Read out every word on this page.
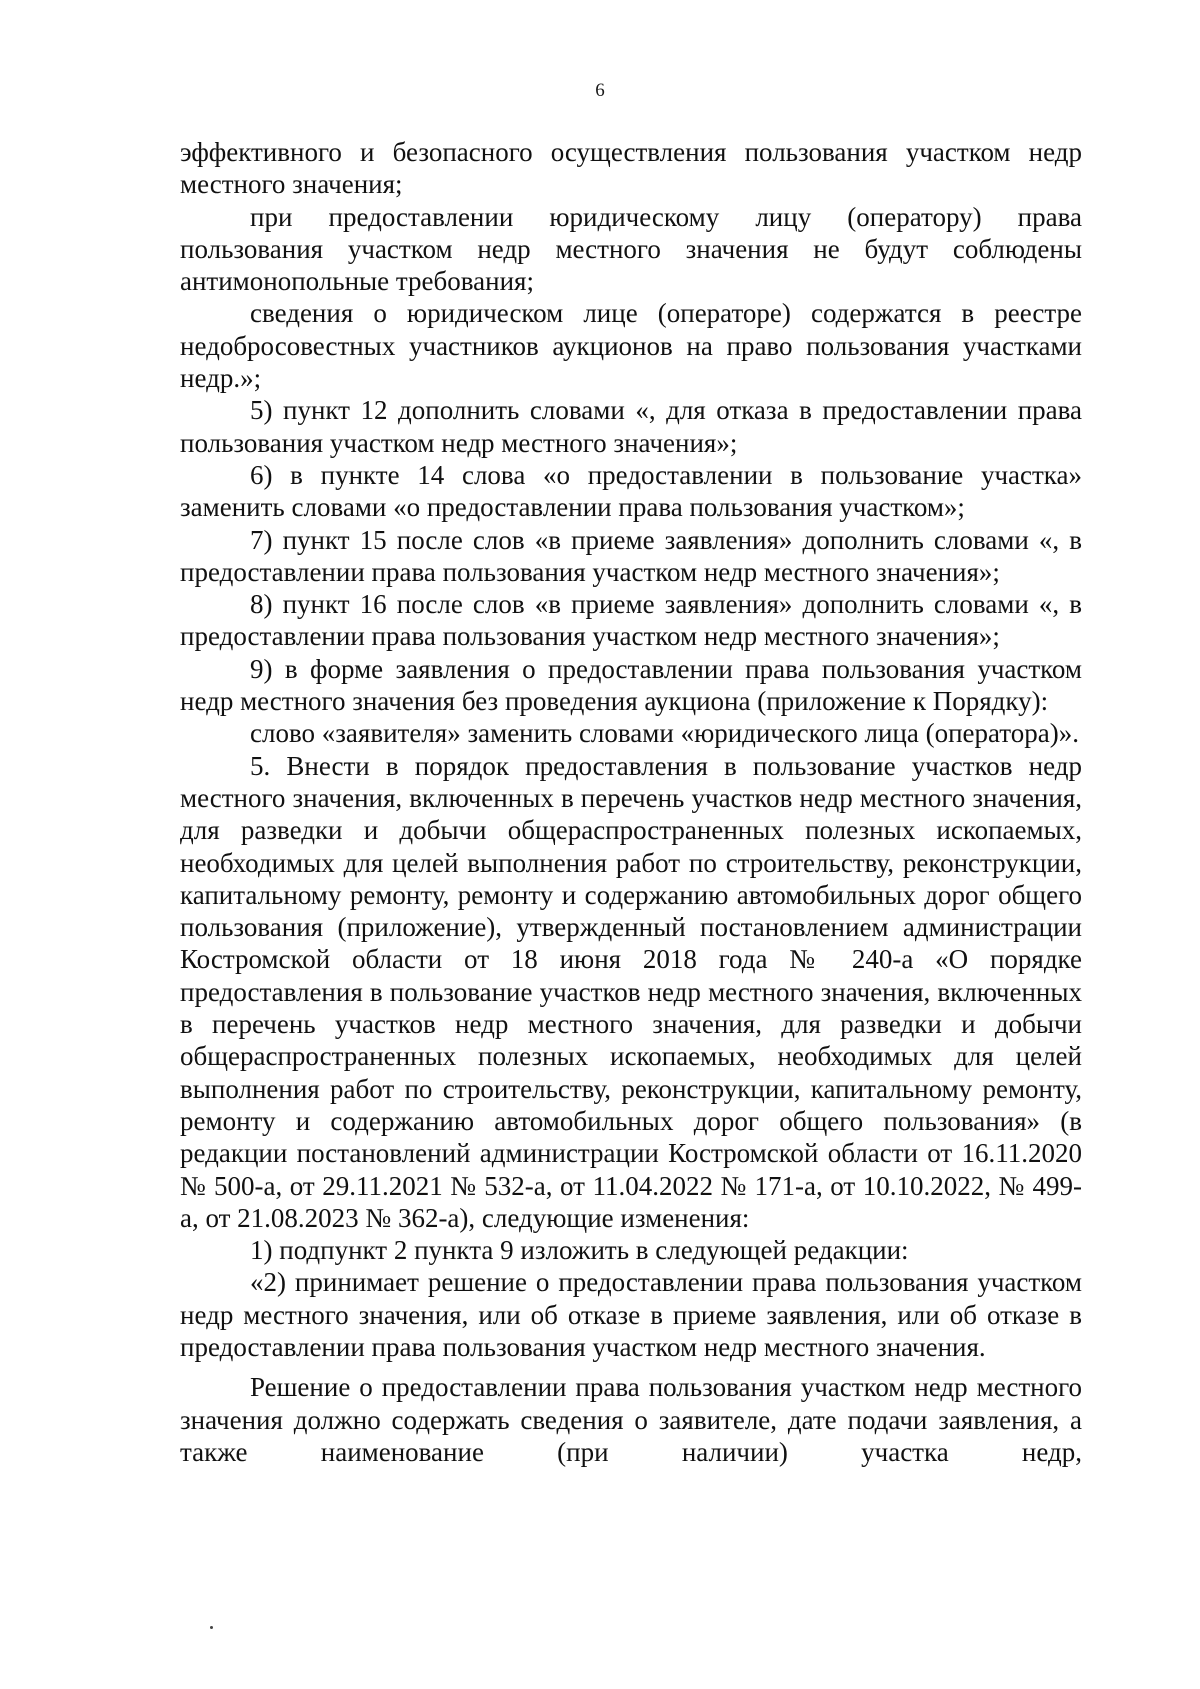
6

эффективного и безопасного осуществления пользования участком недр местного значения;

при предоставлении юридическому лицу (оператору) права пользования участком недр местного значения не будут соблюдены антимонопольные требования;

сведения о юридическом лице (операторе) содержатся в реестре недобросовестных участников аукционов на право пользования участками недр.»;

5) пункт 12 дополнить словами «, для отказа в предоставлении права пользования участком недр местного значения»;

6) в пункте 14 слова «о предоставлении в пользование участка» заменить словами «о предоставлении права пользования участком»;

7) пункт 15 после слов «в приеме заявления» дополнить словами «, в предоставлении права пользования участком недр местного значения»;

8) пункт 16 после слов «в приеме заявления» дополнить словами «, в предоставлении права пользования участком недр местного значения»;

9) в форме заявления о предоставлении права пользования участком недр местного значения без проведения аукциона (приложение к Порядку):

слово «заявителя» заменить словами «юридического лица (оператора)».

5. Внести в порядок предоставления в пользование участков недр местного значения, включенных в перечень участков недр местного значения, для разведки и добычи общераспространенных полезных ископаемых, необходимых для целей выполнения работ по строительству, реконструкции, капитальному ремонту, ремонту и содержанию автомобильных дорог общего пользования (приложение), утвержденный постановлением администрации Костромской области от 18 июня 2018 года № 240-а «О порядке предоставления в пользование участков недр местного значения, включенных в перечень участков недр местного значения, для разведки и добычи общераспространенных полезных ископаемых, необходимых для целей выполнения работ по строительству, реконструкции, капитальному ремонту, ремонту и содержанию автомобильных дорог общего пользования» (в редакции постановлений администрации Костромской области от 16.11.2020 № 500-а, от 29.11.2021 № 532-а, от 11.04.2022 № 171-а, от 10.10.2022, № 499-а, от 21.08.2023 № 362-а), следующие изменения:

1) подпункт 2 пункта 9 изложить в следующей редакции:

«2) принимает решение о предоставлении права пользования участком недр местного значения, или об отказе в приеме заявления, или об отказе в предоставлении права пользования участком недр местного значения.

Решение о предоставлении права пользования участком недр местного значения должно содержать сведения о заявителе, дате подачи заявления, а также наименование (при наличии) участка недр,
